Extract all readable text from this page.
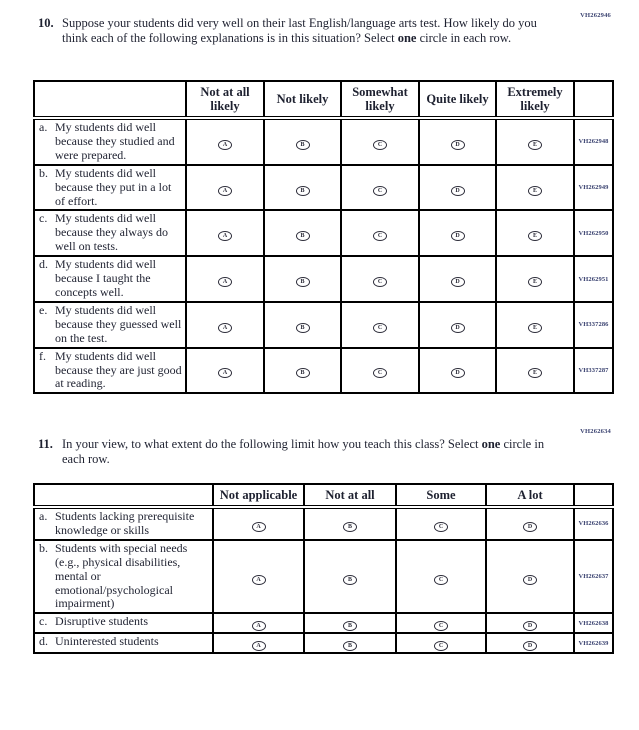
VH262946
10. Suppose your students did very well on their last English/language arts test. How likely do you think each of the following explanations is in this situation? Select one circle in each row.
	Not at all likely	Not likely	Somewhat likely	Quite likely	Extremely likely	

a. My students did well because they studied and were prepared.	A	B	C	D	E	VH262948

b. My students did well because they put in a lot of effort.	A	B	C	D	E	VH262949

c. My students did well because they always do well on tests.	A	B	C	D	E	VH262950

d. My students did well because I taught the concepts well.	A	B	C	D	E	VH262951

e. My students did well because they guessed well on the test.	A	B	C	D	E	VH337286

f. My students did well because they are just good at reading.	A	B	C	D	E	VH337287
VH262634
11. In your view, to what extent do the following limit how you teach this class? Select one circle in each row.
	Not applicable	Not at all	Some	A lot	

a. Students lacking prerequisite knowledge or skills	A	B	C	D	VH262636

b. Students with special needs (e.g., physical disabilities, mental or emotional/psychological impairment)	A	B	C	D	VH262637

c. Disruptive students	A	B	C	D	VH262638

d. Uninterested students	A	B	C	D	VH262639
